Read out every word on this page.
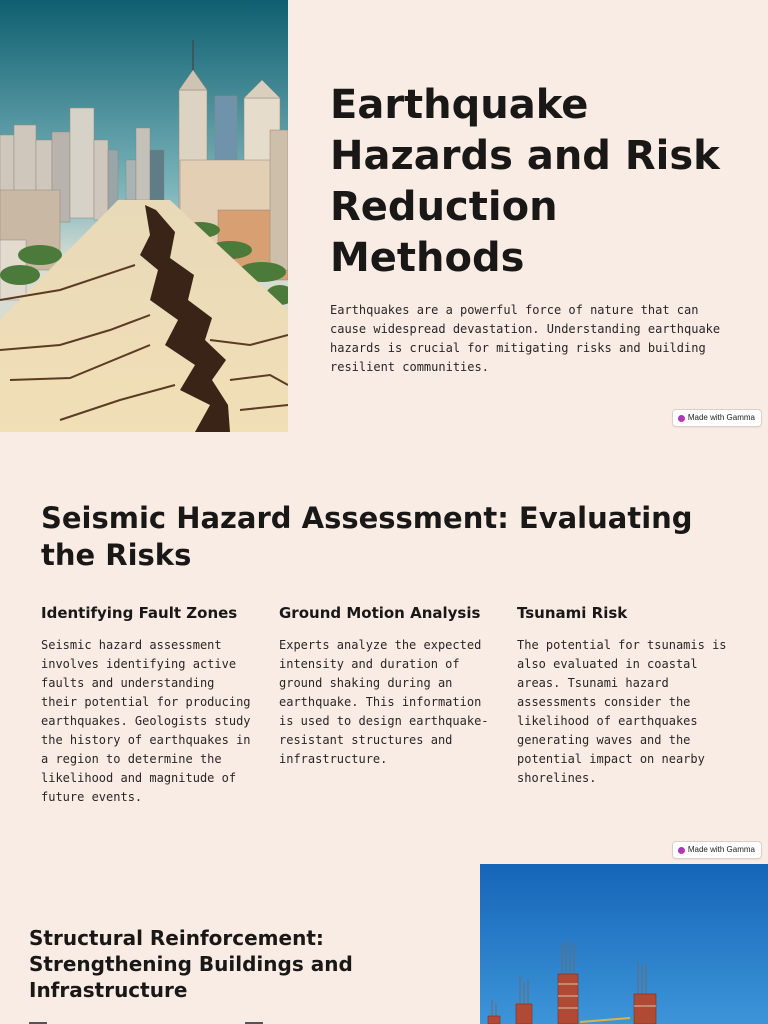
Earthquake Hazards and Risk Reduction Methods

Earthquakes are a powerful force of nature that can cause widespread devastation. Understanding earthquake hazards is crucial for mitigating risks and building resilient communities.

Made with Gamma
Seismic Hazard Assessment: Evaluating the Risks
Identifying Fault Zones

Seismic hazard assessment involves identifying active faults and understanding their potential for producing earthquakes. Geologists study the history of earthquakes in a region to determine the likelihood and magnitude of future events.

Ground Motion Analysis

Experts analyze the expected intensity and duration of ground shaking during an earthquake. This information is used to design earthquake-resistant structures and infrastructure.

Tsunami Risk

The potential for tsunamis is also evaluated in coastal areas. Tsunami hazard assessments consider the likelihood of earthquakes generating waves and the potential impact on nearby shorelines.

Made with Gamma
Structural Reinforcement: Strengthening Buildings and Infrastructure
